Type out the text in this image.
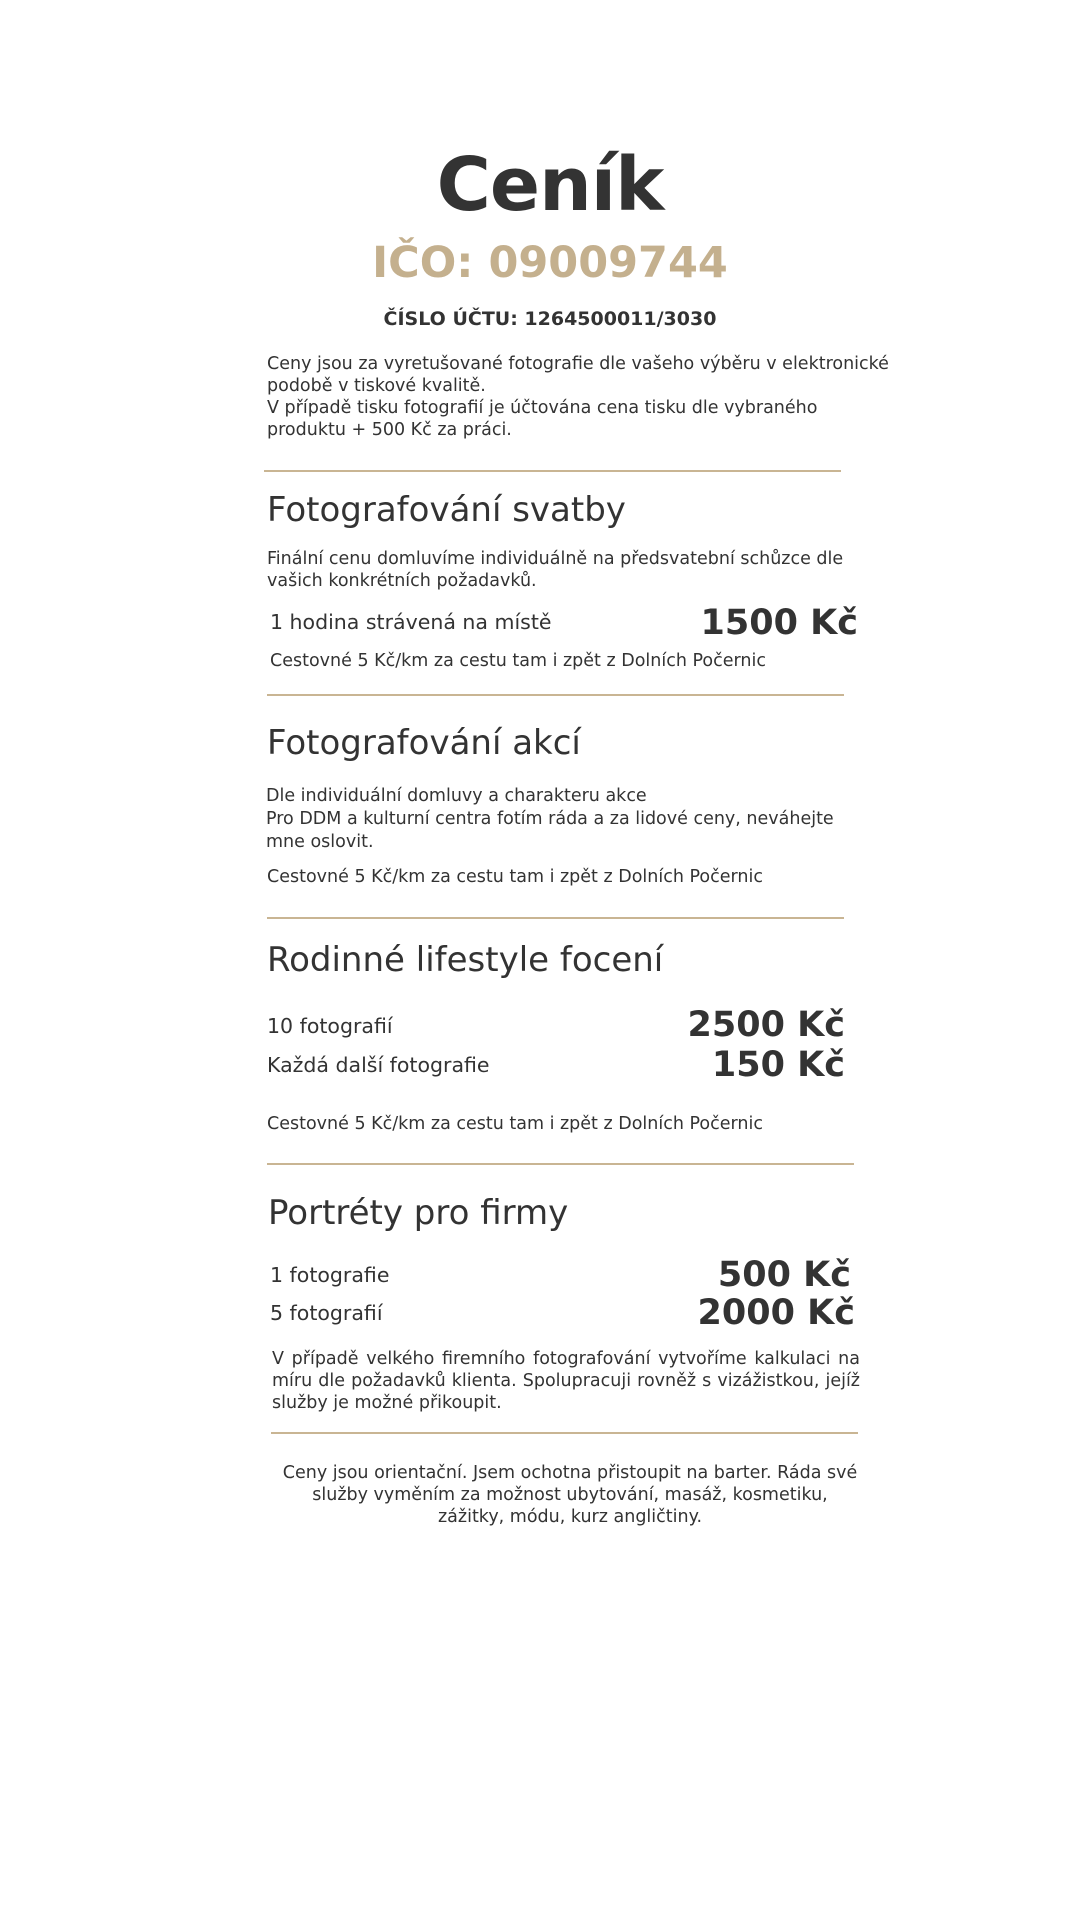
Ceník
IČO: 09009744
ČÍSLO ÚČTU: 1264500011/3030
Ceny jsou za vyretušované fotografie dle vašeho výběru v elektronické
podobě v tiskové kvalitě.
V případě tisku fotografií je účtována cena tisku dle vybraného
produktu + 500 Kč za práci.
Fotografování svatby
Finální cenu domluvíme individuálně na předsvatební schůzce dle
vašich konkrétních požadavků.
1 hodina strávená na místě	1500 Kč
Cestovné 5 Kč/km za cestu tam i zpět z Dolních Počernic
Fotografování akcí
Dle individuální domluvy a charakteru akce
Pro DDM a kulturní centra fotím ráda a za lidové ceny, neváhejte
mne oslovit.
Cestovné 5 Kč/km za cestu tam i zpět z Dolních Počernic
Rodinné lifestyle focení
10 fotografií	2500 Kč
Každá další fotografie	150 Kč
Cestovné 5 Kč/km za cestu tam i zpět z Dolních Počernic
Portréty pro firmy
1 fotografie	500 Kč
5 fotografií	2000 Kč
V případě velkého firemního fotografování vytvoříme kalkulaci na míru dle požadavků klienta. Spolupracuji rovněž s vizážistkou, jejíž služby je možné přikoupit.
Ceny jsou orientační. Jsem ochotna přistoupit na barter. Ráda své služby vyměním za možnost ubytování, masáž, kosmetiku, zážitky, módu, kurz angličtiny.
